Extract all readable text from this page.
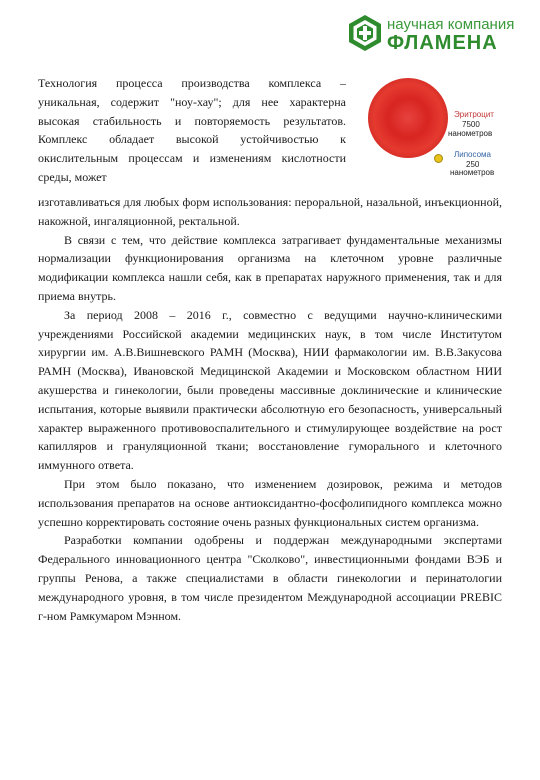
научная компания
ФЛАМЕНА

Технология процесса производства комплекса – уникальная, содержит "ноу-хау"; для нее характерна высокая стабильность и повторяемость результатов. Комплекс обладает высокой устойчивостью к окислительным процессам и изменениям кислотности среды, может

Эритроцит
7500
нанометров
Липосома
250
нанометров

изготавливаться для любых форм использования: пероральной, назальной, инъекционной, накожной, ингаляционной, ректальной.

В связи с тем, что действие комплекса затрагивает фундаментальные механизмы нормализации функционирования организма на клеточном уровне различные модификации комплекса нашли себя, как в препаратах наружного применения, так и для приема внутрь.

За период 2008 – 2016 г., совместно с ведущими научно-клиническими учреждениями Российской академии медицинских наук, в том числе Институтом хирургии им. А.В.Вишневского РАМН (Москва), НИИ фармакологии им. В.В.Закусова РАМН (Москва), Ивановской Медицинской Академии и Московском областном НИИ акушерства и гинекологии, были проведены массивные доклинические и клинические испытания, которые выявили практически абсолютную его безопасность, универсальный характер выраженного противовоспалительного и стимулирующее воздействие на рост капилляров и грануляционной ткани; восстановление гуморального и клеточного иммунного ответа.

При этом было показано, что изменением дозировок, режима и методов использования препаратов на основе антиоксидантно-фосфолипидного комплекса можно успешно корректировать состояние очень разных функциональных систем организма.

Разработки компании одобрены и поддержан международными экспертами Федерального инновационного центра "Сколково", инвестиционными фондами ВЭБ и группы Ренова, а также специалистами в области гинекологии и перинатологии международного уровня, в том числе президентом Международной ассоциации PREBIC г-ном Рамкумаром Мэнном.
